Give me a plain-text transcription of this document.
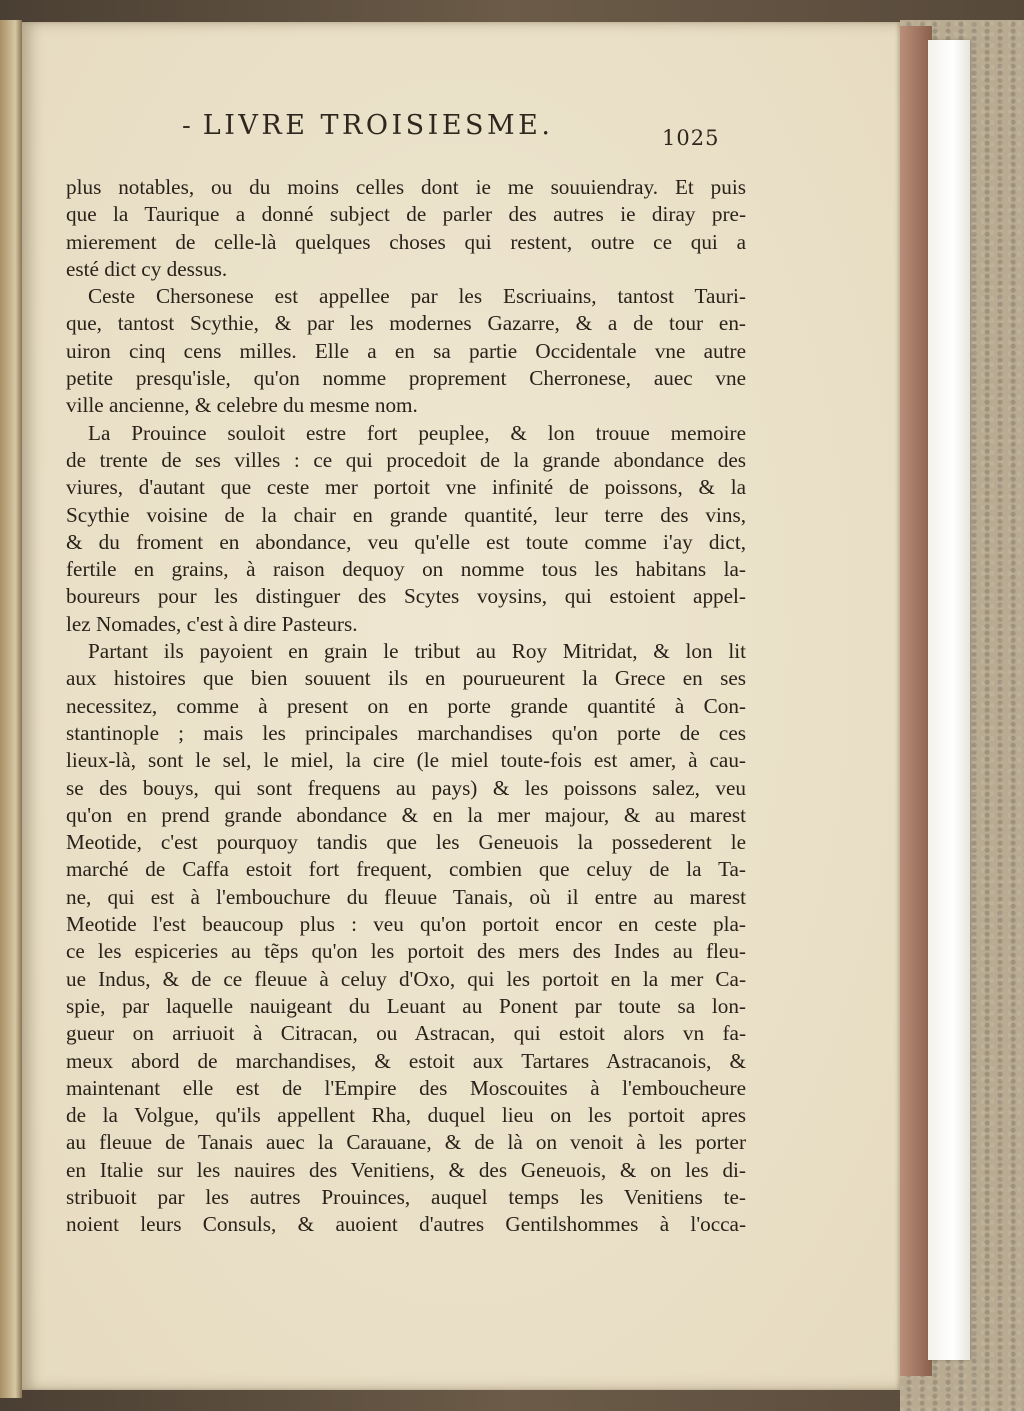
- LIVRE TROISIESME.	1025
plus notables, ou du moins celles dont ie me souuiendray. Et puis
que la Taurique a donné subject de parler des autres ie diray pre-
mierement de celle-là quelques choses qui restent, outre ce qui a
esté dict cy dessus.
Ceste Chersonese est appellee par les Escriuains, tantost Tauri-
que, tantost Scythie, & par les modernes Gazarre, & a de tour en-
uiron cinq cens milles. Elle a en sa partie Occidentale vne autre
petite presqu'isle, qu'on nomme proprement Cherronese, auec vne
ville ancienne, & celebre du mesme nom.
La Prouince souloit estre fort peuplee, & lon trouue memoire
de trente de ses villes : ce qui procedoit de la grande abondance des
viures, d'autant que ceste mer portoit vne infinité de poissons, & la
Scythie voisine de la chair en grande quantité, leur terre des vins,
& du froment en abondance, veu qu'elle est toute comme i'ay dict,
fertile en grains, à raison dequoy on nomme tous les habitans la-
boureurs pour les distinguer des Scytes voysins, qui estoient appel-
lez Nomades, c'est à dire Pasteurs.
Partant ils payoient en grain le tribut au Roy Mitridat, & lon lit
aux histoires que bien souuent ils en pourueurent la Grece en ses
necessitez, comme à present on en porte grande quantité à Con-
stantinople ; mais les principales marchandises qu'on porte de ces
lieux-là, sont le sel, le miel, la cire (le miel toute-fois est amer, à cau-
se des bouys, qui sont frequens au pays) & les poissons salez, veu
qu'on en prend grande abondance & en la mer majour, & au marest
Meotide, c'est pourquoy tandis que les Geneuois la possederent le
marché de Caffa estoit fort frequent, combien que celuy de la Ta-
ne, qui est à l'embouchure du fleuue Tanais, où il entre au marest
Meotide l'est beaucoup plus : veu qu'on portoit encor en ceste pla-
ce les espiceries au tẽps qu'on les portoit des mers des Indes au fleu-
ue Indus, & de ce fleuue à celuy d'Oxo, qui les portoit en la mer Ca-
spie, par laquelle nauigeant du Leuant au Ponent par toute sa lon-
gueur on arriuoit à Citracan, ou Astracan, qui estoit alors vn fa-
meux abord de marchandises, & estoit aux Tartares Astracanois, &
maintenant elle est de l'Empire des Moscouites à l'emboucheure
de la Volgue, qu'ils appellent Rha, duquel lieu on les portoit apres
au fleuue de Tanais auec la Carauane, & de là on venoit à les porter
en Italie sur les nauires des Venitiens, & des Geneuois, & on les di-
stribuoit par les autres Prouinces, auquel temps les Venitiens te-
noient leurs Consuls, & auoient d'autres Gentilshommes à l'occa-
